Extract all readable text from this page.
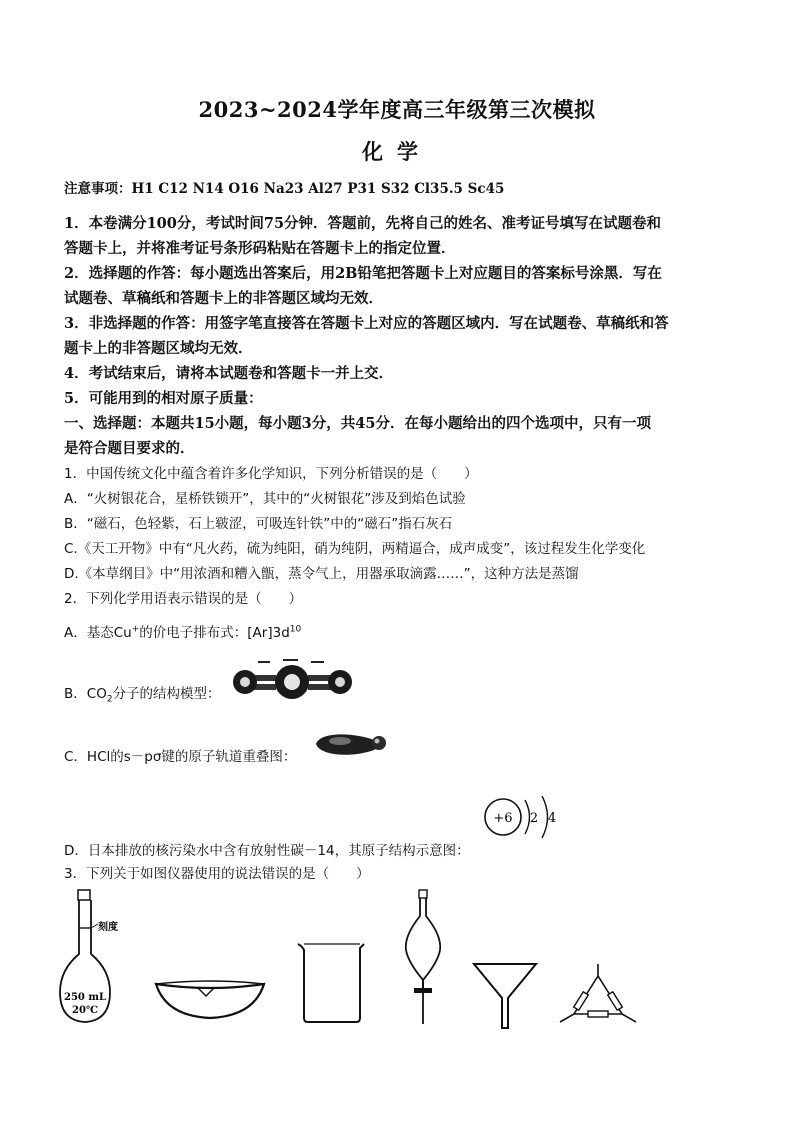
2023~2024学年度高三年级第三次模拟
化学
注意事项：H1 C12 N14 O16 Na23 Al27 P31 S32 Cl35.5 Sc45
1．本卷满分100分，考试时间75分钟．答题前，先将自己的姓名、准考证号填写在试题卷和
答题卡上，并将准考证号条形码粘贴在答题卡上的指定位置．
2．选择题的作答：每小题选出答案后，用2B铅笔把答题卡上对应题目的答案标号涂黑．写在
试题卷、草稿纸和答题卡上的非答题区域均无效．
3．非选择题的作答：用签字笔直接答在答题卡上对应的答题区域内．写在试题卷、草稿纸和答
题卡上的非答题区域均无效．
4．考试结束后，请将本试题卷和答题卡一并上交．
5．可能用到的相对原子质量：
一、选择题：本题共15小题，每小题3分，共45分．在每小题给出的四个选项中，只有一项
是符合题目要求的．
1．中国传统文化中蕴含着许多化学知识，下列分析错误的是（　　）
A．“火树银花合，星桥铁锁开”，其中的“火树银花”涉及到焰色试验
B．“磁石，色轻紫，石上皲涩，可吸连针铁”中的“磁石”指石灰石
C.《天工开物》中有“凡火药，硫为纯阳，硝为纯阴，两精逼合，成声成变”，该过程发生化学变化
D.《本草纲目》中“用浓酒和糟入甑，蒸令气上，用器承取滴露……”，这种方法是蒸馏
2．下列化学用语表示错误的是（　　）
A．基态Cu+的价电子排布式：$[Ar]3d^{10}$
B．$CO_2$分子的结构模型：
C．HCl的s－pσ键的原子轨道重叠图：
+6 2 4
D．日本排放的核污染水中含有放射性碳－14，其原子结构示意图：
3．下列关于如图仪器使用的说法错误的是（　　）
刻度
250 mL
20℃
